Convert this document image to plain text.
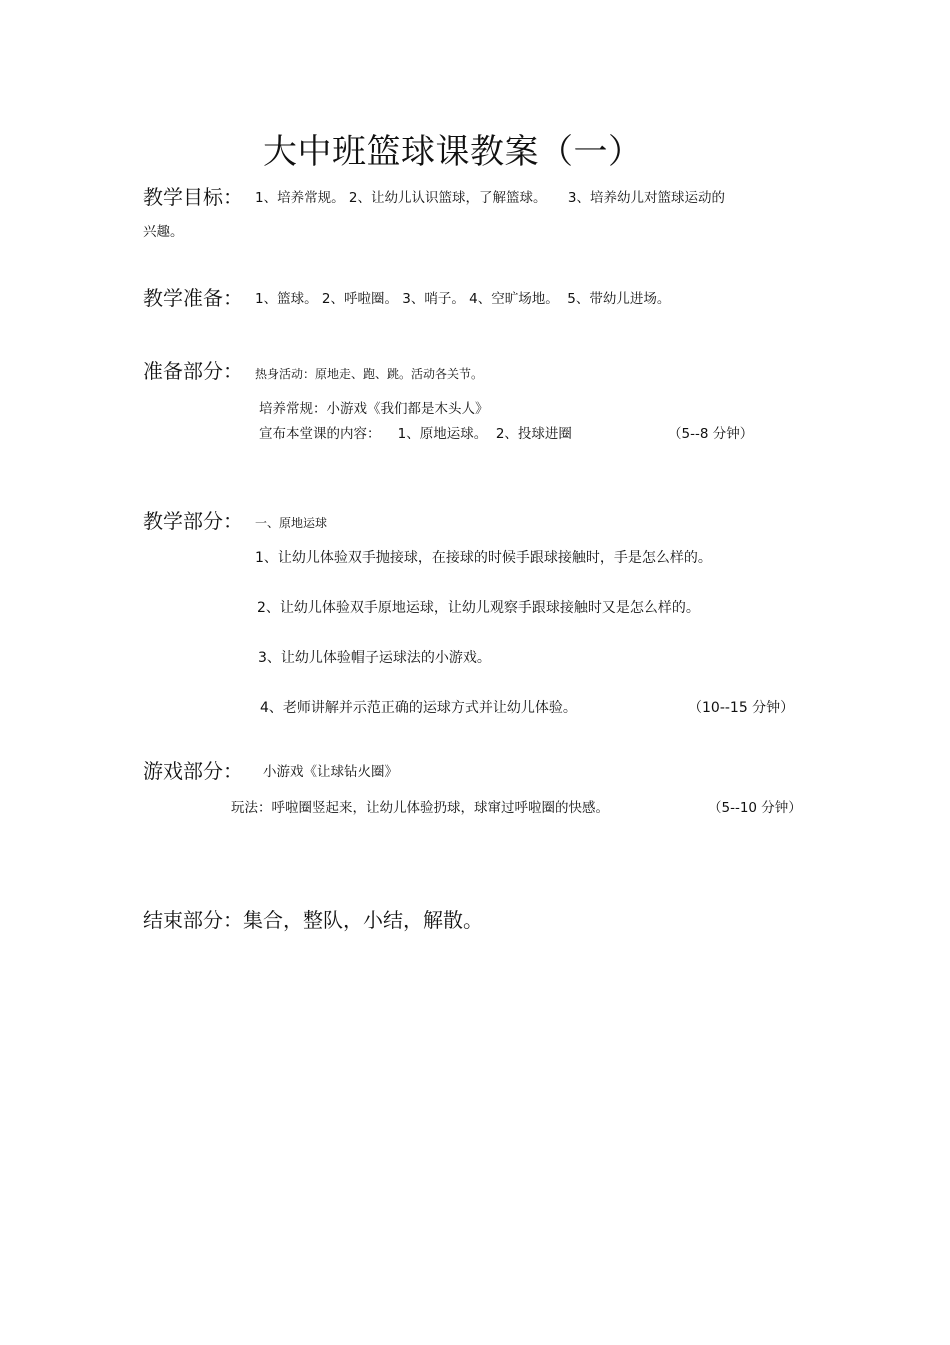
大中班篮球课教案（一）
教学目标： 1、培养常规。 2、让幼儿认识篮球，了解篮球。     3、培养幼儿对篮球运动的
兴趣。
教学准备： 1、篮球。 2、呼啦圈。 3、哨子。 4、空旷场地。  5、带幼儿进场。
准备部分： 热身活动：原地走、跑、跳。活动各关节。
培养常规：小游戏《我们都是木头人》
宣布本堂课的内容：    1、原地运球。  2、投球进圈	（5--8 分钟）
教学部分： 一、原地运球
1、让幼儿体验双手抛接球，在接球的时候手跟球接触时，手是怎么样的。
2、让幼儿体验双手原地运球，让幼儿观察手跟球接触时又是怎么样的。
3、让幼儿体验帽子运球法的小游戏。
4、老师讲解并示范正确的运球方式并让幼儿体验。	（10--15 分钟）
游戏部分： 小游戏《让球钻火圈》
玩法：呼啦圈竖起来，让幼儿体验扔球，球窜过呼啦圈的快感。	（5--10 分钟）
结束部分：集合，整队，小结，解散。
